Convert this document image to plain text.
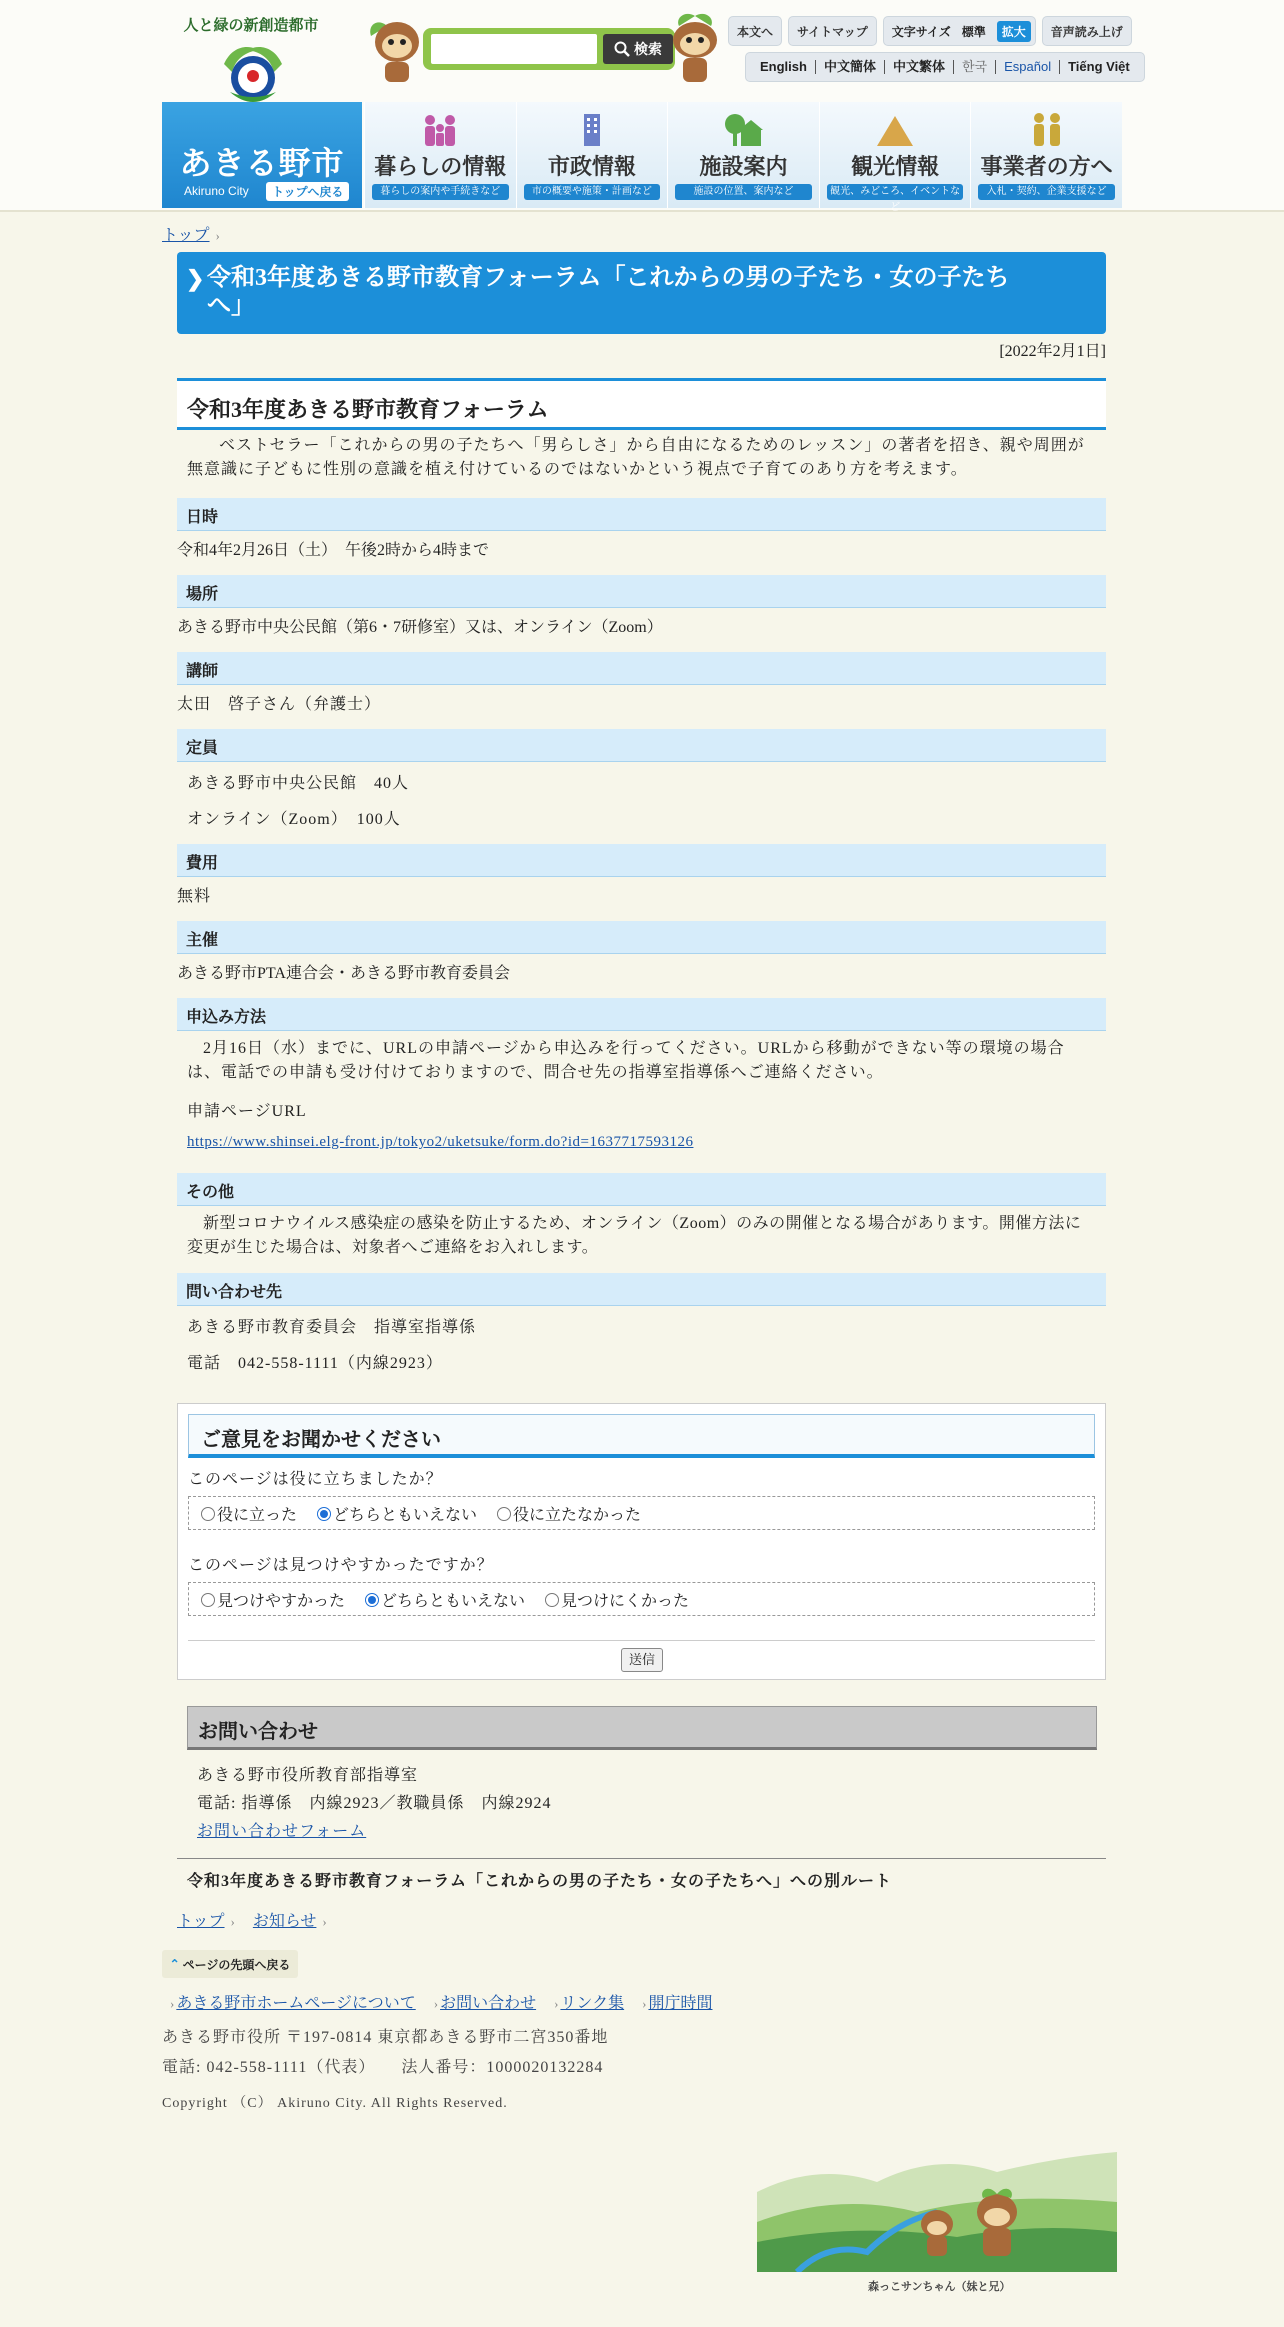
人と緑の新創造都市
検索
本文へ	サイトマップ	文字サイズ 標準	拡大	音声読み上げ
English	中文簡体	中文繁体	한국	Español	Tiếng Việt
あきる野市
Akiruno City	トップへ戻る
暮らしの情報
暮らしの案内や手続きなど
市政情報
市の概要や施策・計画など
施設案内
施設の位置、案内など
観光情報
観光、みどころ、イベントなど
事業者の方へ
入札・契約、企業支援など
トップ ›
❯ 令和3年度あきる野市教育フォーラム「これからの男の子たち・女の子たちへ」
[2022年2月1日]
令和3年度あきる野市教育フォーラム
ベストセラー「これからの男の子たちへ「男らしさ」から自由になるためのレッスン」の著者を招き、親や周囲が無意識に子どもに性別の意識を植え付けているのではないかという視点で子育てのあり方を考えます。
日時
令和4年2月26日（土）　午後2時から4時まで
場所
あきる野市中央公民館（第6・7研修室）又は、オンライン（Zoom）
講師
太田　啓子さん（弁護士）
定員
あきる野市中央公民館　40人
オンライン（Zoom）　100人
費用
無料
主催
あきる野市PTA連合会・あきる野市教育委員会
申込み方法
2月16日（水）までに、URLの申請ページから申込みを行ってください。URLから移動ができない等の環境の場合は、電話での申請も受け付けておりますので、問合せ先の指導室指導係へご連絡ください。
申請ページURL
https://www.shinsei.elg-front.jp/tokyo2/uketsuke/form.do?id=1637717593126
その他
新型コロナウイルス感染症の感染を防止するため、オンライン（Zoom）のみの開催となる場合があります。開催方法に変更が生じた場合は、対象者へご連絡をお入れします。
問い合わせ先
あきる野市教育委員会　指導室指導係
電話　042-558-1111（内線2923）
ご意見をお聞かせください
このページは役に立ちましたか？
役に立った	どちらともいえない	役に立たなかった
このページは見つけやすかったですか？
見つけやすかった	どちらともいえない	見つけにくかった
送信
お問い合わせ
あきる野市役所教育部指導室
電話: 指導係　内線2923／教職員係　内線2924
お問い合わせフォーム
令和3年度あきる野市教育フォーラム「これからの男の子たち・女の子たちへ」への別ルート
トップ › お知らせ ›
⌃ ページの先頭へ戻る
› あきる野市ホームページについて › お問い合わせ › リンク集 › 開庁時間
あきる野市役所 〒197-0814 東京都あきる野市二宮350番地
電話: 042-558-1111（代表）　　法人番号：1000020132284
Copyright （C） Akiruno City. All Rights Reserved.
森っこサンちゃん（妹と兄）
